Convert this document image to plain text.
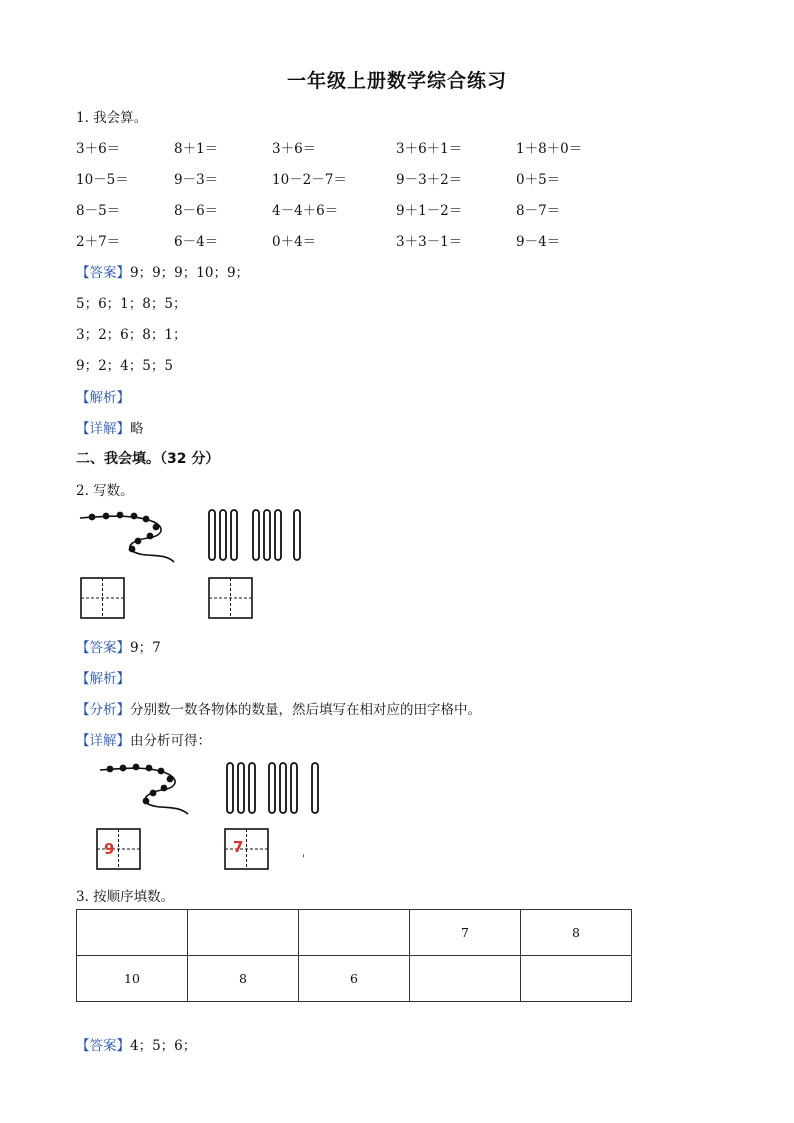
一年级上册数学综合练习
1. 我会算。
3＋6＝	8＋1＝	3＋6＝	3＋6＋1＝	1＋8＋0＝
10－5＝	9－3＝	10－2－7＝	9－3＋2＝	0＋5＝
8－5＝	8－6＝	4－4＋6＝	9＋1－2＝	8－7＝
2＋7＝	6－4＝	0＋4＝	3＋3－1＝	9－4＝
【答案】9；9；9；10；9；
5；6；1；8；5；
3；2；6；8；1；
9；2；4；5；5
【解析】
【详解】略
二、我会填。（32 分）
2. 写数。
【答案】9；7
【解析】
【分析】分别数一数各物体的数量，然后填写在相对应的田字格中。
【详解】由分析可得：
9	7
'
3. 按顺序填数。
			7	8
10	8	6		
【答案】4；5；6；
